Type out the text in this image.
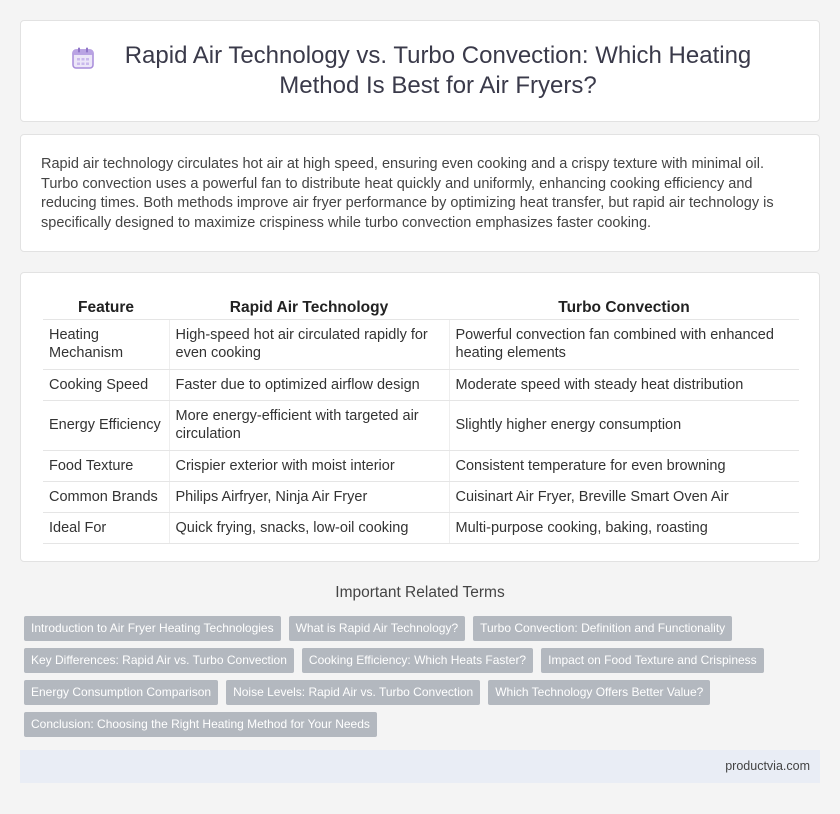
Rapid Air Technology vs. Turbo Convection: Which Heating Method Is Best for Air Fryers?

Rapid air technology circulates hot air at high speed, ensuring even cooking and a crispy texture with minimal oil. Turbo convection uses a powerful fan to distribute heat quickly and uniformly, enhancing cooking efficiency and reducing times. Both methods improve air fryer performance by optimizing heat transfer, but rapid air technology is specifically designed to maximize crispiness while turbo convection emphasizes faster cooking.

Feature	Rapid Air Technology	Turbo Convection
Heating Mechanism	High-speed hot air circulated rapidly for even cooking	Powerful convection fan combined with enhanced heating elements
Cooking Speed	Faster due to optimized airflow design	Moderate speed with steady heat distribution
Energy Efficiency	More energy-efficient with targeted air circulation	Slightly higher energy consumption
Food Texture	Crispier exterior with moist interior	Consistent temperature for even browning
Common Brands	Philips Airfryer, Ninja Air Fryer	Cuisinart Air Fryer, Breville Smart Oven Air
Ideal For	Quick frying, snacks, low-oil cooking	Multi-purpose cooking, baking, roasting
Important Related Terms
Introduction to Air Fryer Heating Technologies	What is Rapid Air Technology?	Turbo Convection: Definition and Functionality
Key Differences: Rapid Air vs. Turbo Convection	Cooking Efficiency: Which Heats Faster?	Impact on Food Texture and Crispiness
Energy Consumption Comparison	Noise Levels: Rapid Air vs. Turbo Convection	Which Technology Offers Better Value?
Conclusion: Choosing the Right Heating Method for Your Needs
productvia.com
